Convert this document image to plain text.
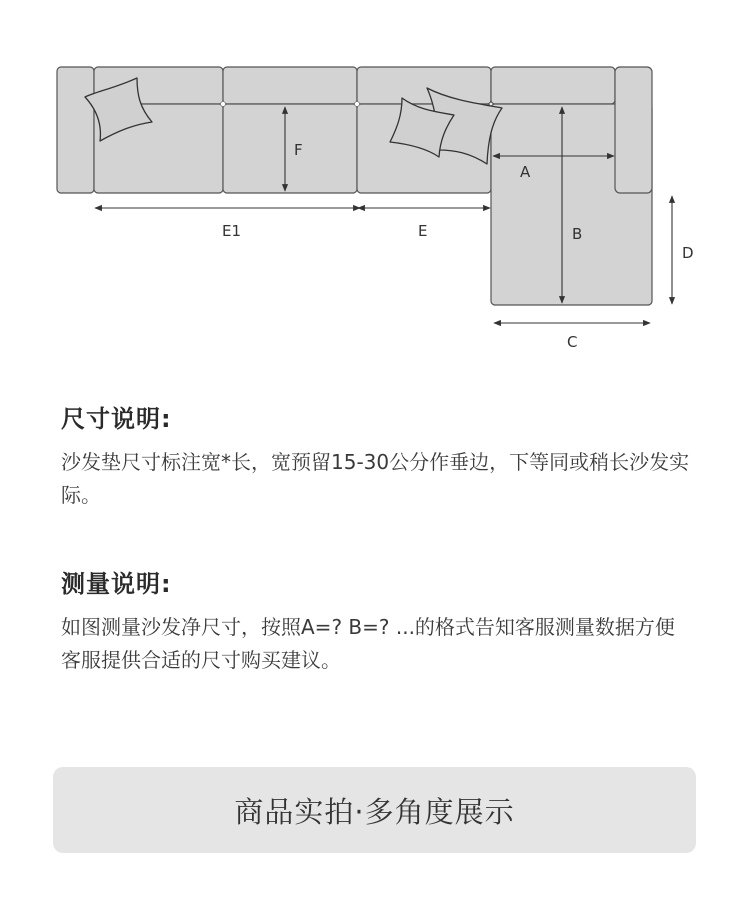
F
E1	E
A
B
C
D
尺寸说明:

沙发垫尺寸标注宽*长，宽预留15-30公分作垂边，下等同或稍长沙发实际。

测量说明:

如图测量沙发净尺寸，按照A=? B=? ...的格式告知客服测量数据方便客服提供合适的尺寸购买建议。

商品实拍·多角度展示
